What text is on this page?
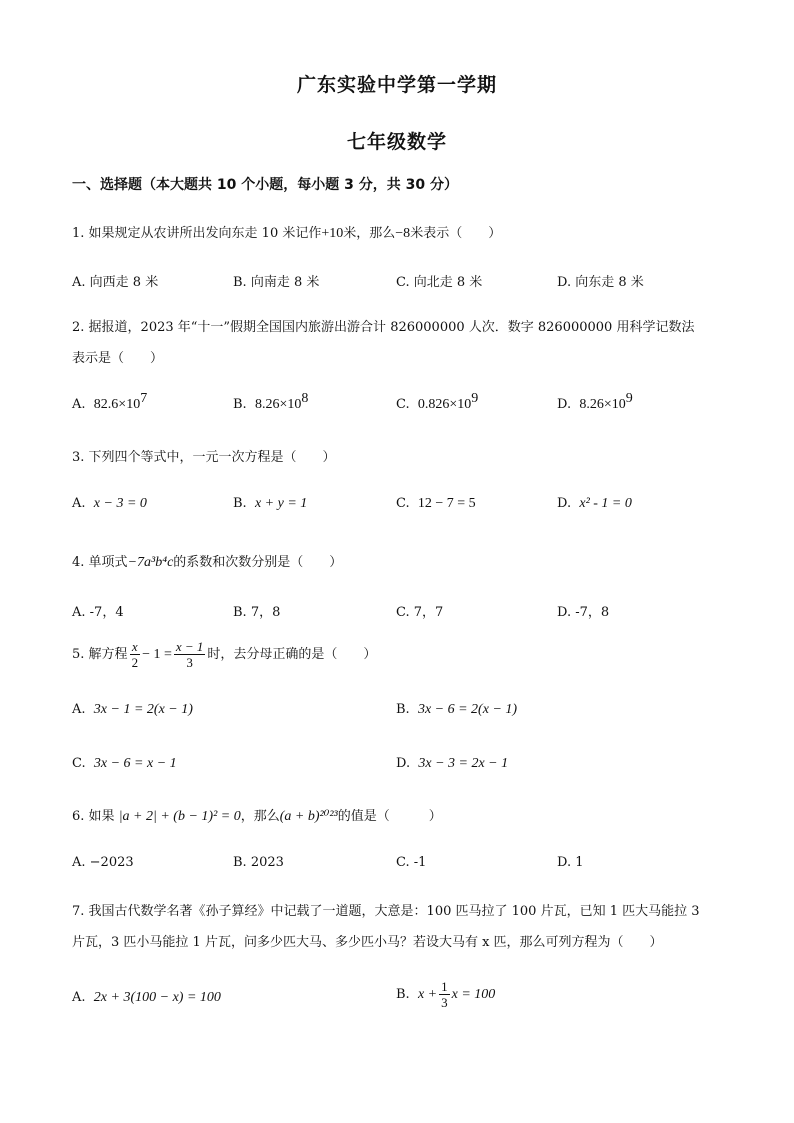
广东实验中学第一学期
七年级数学
一、选择题（本大题共 10 个小题，每小题 3 分，共 30 分）
1. 如果规定从农讲所出发向东走 10 米记作+10米，那么−8米表示（　　）
A. 向西走 8 米	B. 向南走 8 米	C. 向北走 8 米	D. 向东走 8 米
2. 据报道，2023 年“十一”假期全国国内旅游出游合计 826000000 人次．数字 826000000 用科学记数法
表示是（　　）
A. $82.6\times 10^7$	B. $8.26\times 10^8$	C. $0.826\times 10^9$	D. $8.26\times 10^9$
3. 下列四个等式中，一元一次方程是（　　）
A. x − 3 = 0	B. x + y = 1	C. 12 − 7 = 5	D. x² - 1 = 0
4. 单项式−7a³b⁴c的系数和次数分别是（　　）
A. -7，4	B. 7，8	C. 7，7	D. -7，8
5. 解方程 $\frac{x}{2} - 1 = \frac{x - 1}{3}$ 时，去分母正确的是（　　）
A. 3x − 1 = 2(x − 1)	B. 3x − 6 = 2(x − 1)
C. 3x − 6 = x − 1	D. 3x − 3 = 2x − 1
6. 如果 |a + 2| + (b − 1)² = 0，那么(a + b)²⁰²³的值是（　　　）
A. −2023	B. 2023	C. -1	D. 1
7. 我国古代数学名著《孙子算经》中记载了一道题，大意是：100 匹马拉了 100 片瓦，已知 1 匹大马能拉 3
片瓦，3 匹小马能拉 1 片瓦，问多少匹大马、多少匹小马？若设大马有 x 匹，那么可列方程为（　　）
A. 2x + 3(100 − x) = 100	B. $x + \frac{1}{3}$ x = 100
